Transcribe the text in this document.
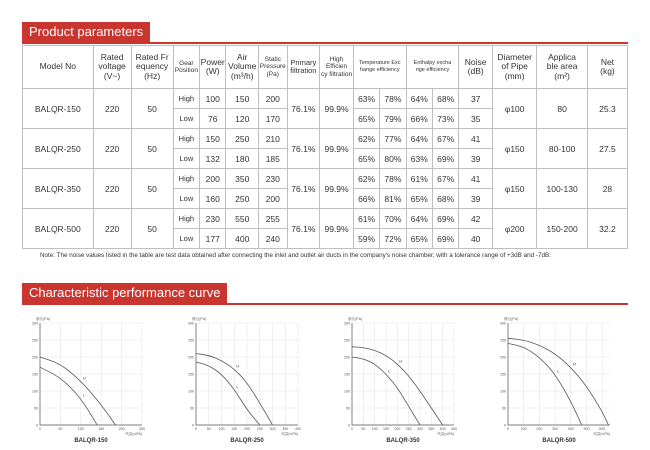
Product parameters
Model No	Rated
voltage
(V~)	Rated Fr
equency
(Hz)	Gear
Position	Power
(W)	Air
Volume
(m³/h)	Static
Pressure
(Pa)	Primary
filtration	High Efficien
cy filtration	Temperature Exc
hange efficiency		Enthalpy excha
nge efficiency		Noise
(dB)	Diameter
of Pipe
(mm)	Applica
ble area
(m²)	Net
(kg)
BALQR-150	220	50	High	100	150	200	76.1%	99.9%	63%	78%	64%	68%	37	φ100	80	25.3
			Low	76	120	170			65%	79%	66%	73%	35			
BALQR-250	220	50	High	150	250	210	76.1%	99.9%	62%	77%	64%	67%	41	φ150	80-100	27.5
			Low	132	180	185			65%	80%	63%	69%	39			
BALQR-350	220	50	High	200	350	230	76.1%	99.9%	62%	78%	61%	67%	41	φ150	100-130	28
			Low	160	250	200			66%	81%	65%	68%	39			
BALQR-500	220	50	High	230	550	255	76.1%	99.9%	61%	70%	64%	69%	42	φ200	150-200	32.2
			Low	177	400	240			59%	72%	65%	69%	40			
Note: The noise values listed in the table are test data obtained after connecting the inlet and outlet air ducts in the company's noise chamber, with a tolerance range of +3dB and -7dB.
Characteristic performance curve
0
50
100
150
200
250
300
0	50	100	150	200	250
静压(Pa)
风量(m³/h)
H
L
BALQR-150
0
50
100
150
200
250
300
0	50 100 150 200 250 300 350 400
静压(Pa)
风量(m³/h)
H
L
BALQR-250
0
50
100
150
200
250
300
0 50 100 150 200 250 300 350 400 450
静压(Pa)
风量(m³/h)
H
L
BALQR-350
0
50
100
150
200
250
300
0	100	200	300	400	500	600
静压(Pa)
风量(m³/h)
H
L
BALQR-500
